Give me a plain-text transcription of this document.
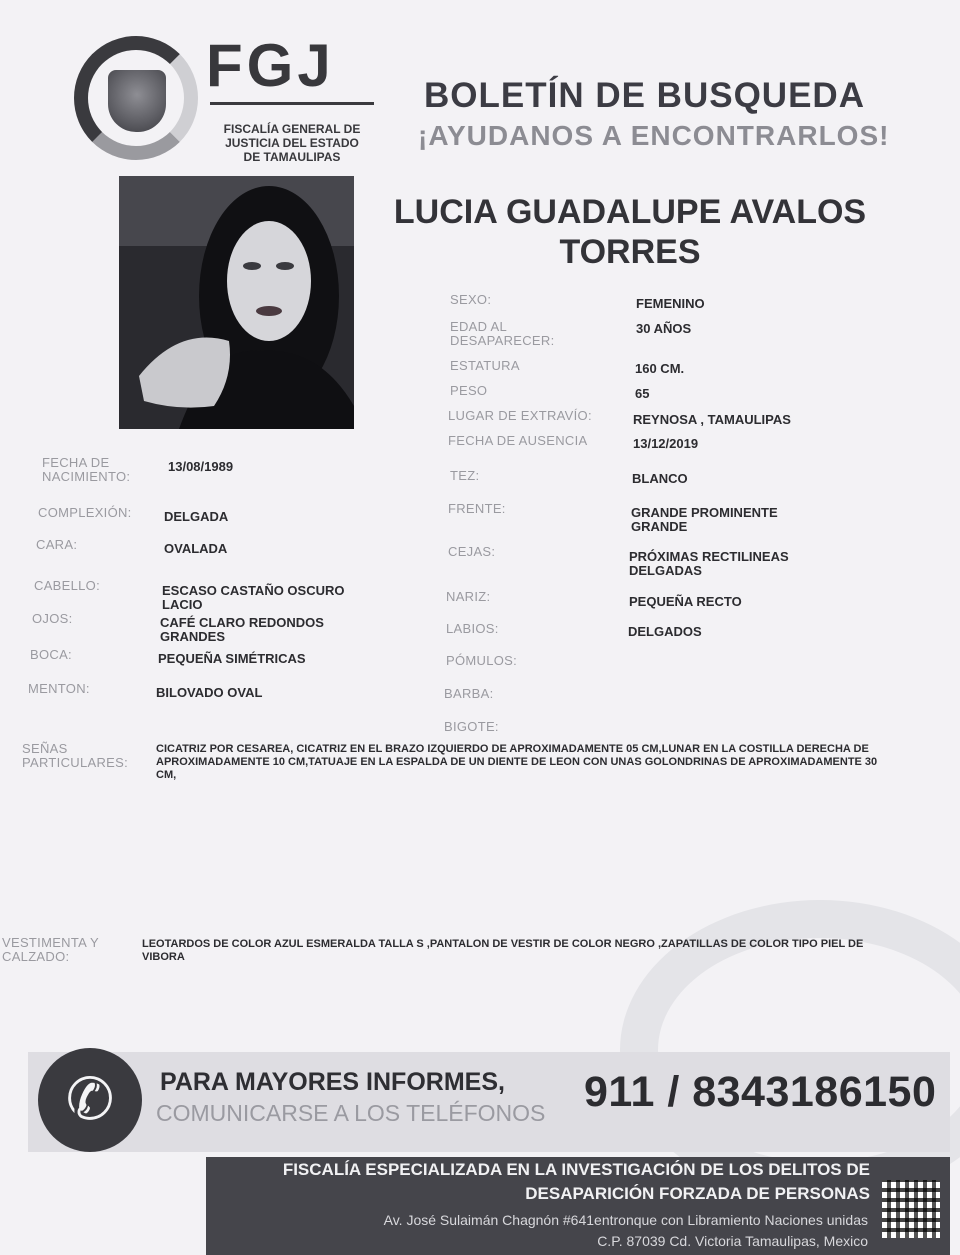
FGJ
FISCALÍA GENERAL DE
JUSTICIA DEL ESTADO
DE TAMAULIPAS
BOLETÍN DE BUSQUEDA
¡AYUDANOS A ENCONTRARLOS!
LUCIA GUADALUPE AVALOS
TORRES
SEXO:	FEMENINO
EDAD AL DESAPARECER:
30 AÑOS
ESTATURA	160 CM.
PESO	65
LUGAR DE EXTRAVÍO:	REYNOSA , TAMAULIPAS
FECHA DE AUSENCIA	13/12/2019
FECHA DE NACIMIENTO:
13/08/1989
COMPLEXIÓN: DELGADA
CARA:	OVALADA
CABELLO:	ESCASO CASTAÑO OSCURO LACIO
OJOS:	CAFÉ CLARO REDONDOS GRANDES
BOCA:	PEQUEÑA SIMÉTRICAS
MENTON:	BILOVADO OVAL
TEZ:	BLANCO
FRENTE:	GRANDE PROMINENTE GRANDE
CEJAS:	PRÓXIMAS RECTILINEAS DELGADAS
NARIZ:	PEQUEÑA RECTO
LABIOS:	DELGADOS
PÓMULOS:
BARBA:
BIGOTE:
SEÑAS PARTICULARES:
CICATRIZ POR CESAREA, CICATRIZ EN EL BRAZO IZQUIERDO DE APROXIMADAMENTE 05 CM,LUNAR EN LA COSTILLA DERECHA DE APROXIMADAMENTE 10 CM,TATUAJE EN LA ESPALDA DE UN DIENTE DE LEON CON UNAS GOLONDRINAS DE APROXIMADAMENTE 30 CM,
VESTIMENTA Y CALZADO:
LEOTARDOS DE COLOR AZUL ESMERALDA TALLA S ,PANTALON DE VESTIR DE COLOR NEGRO ,ZAPATILLAS DE COLOR TIPO PIEL DE VIBORA
✆	PARA MAYORES INFORMES,
COMUNICARSE A LOS TELÉFONOS 911 / 8343186150
FISCALÍA ESPECIALIZADA EN LA INVESTIGACIÓN DE LOS DELITOS DE
DESAPARICIÓN FORZADA DE PERSONAS
Av. José Sulaimán Chagnón #641entronque con Libramiento Naciones unidas
C.P. 87039 Cd. Victoria Tamaulipas, Mexico
